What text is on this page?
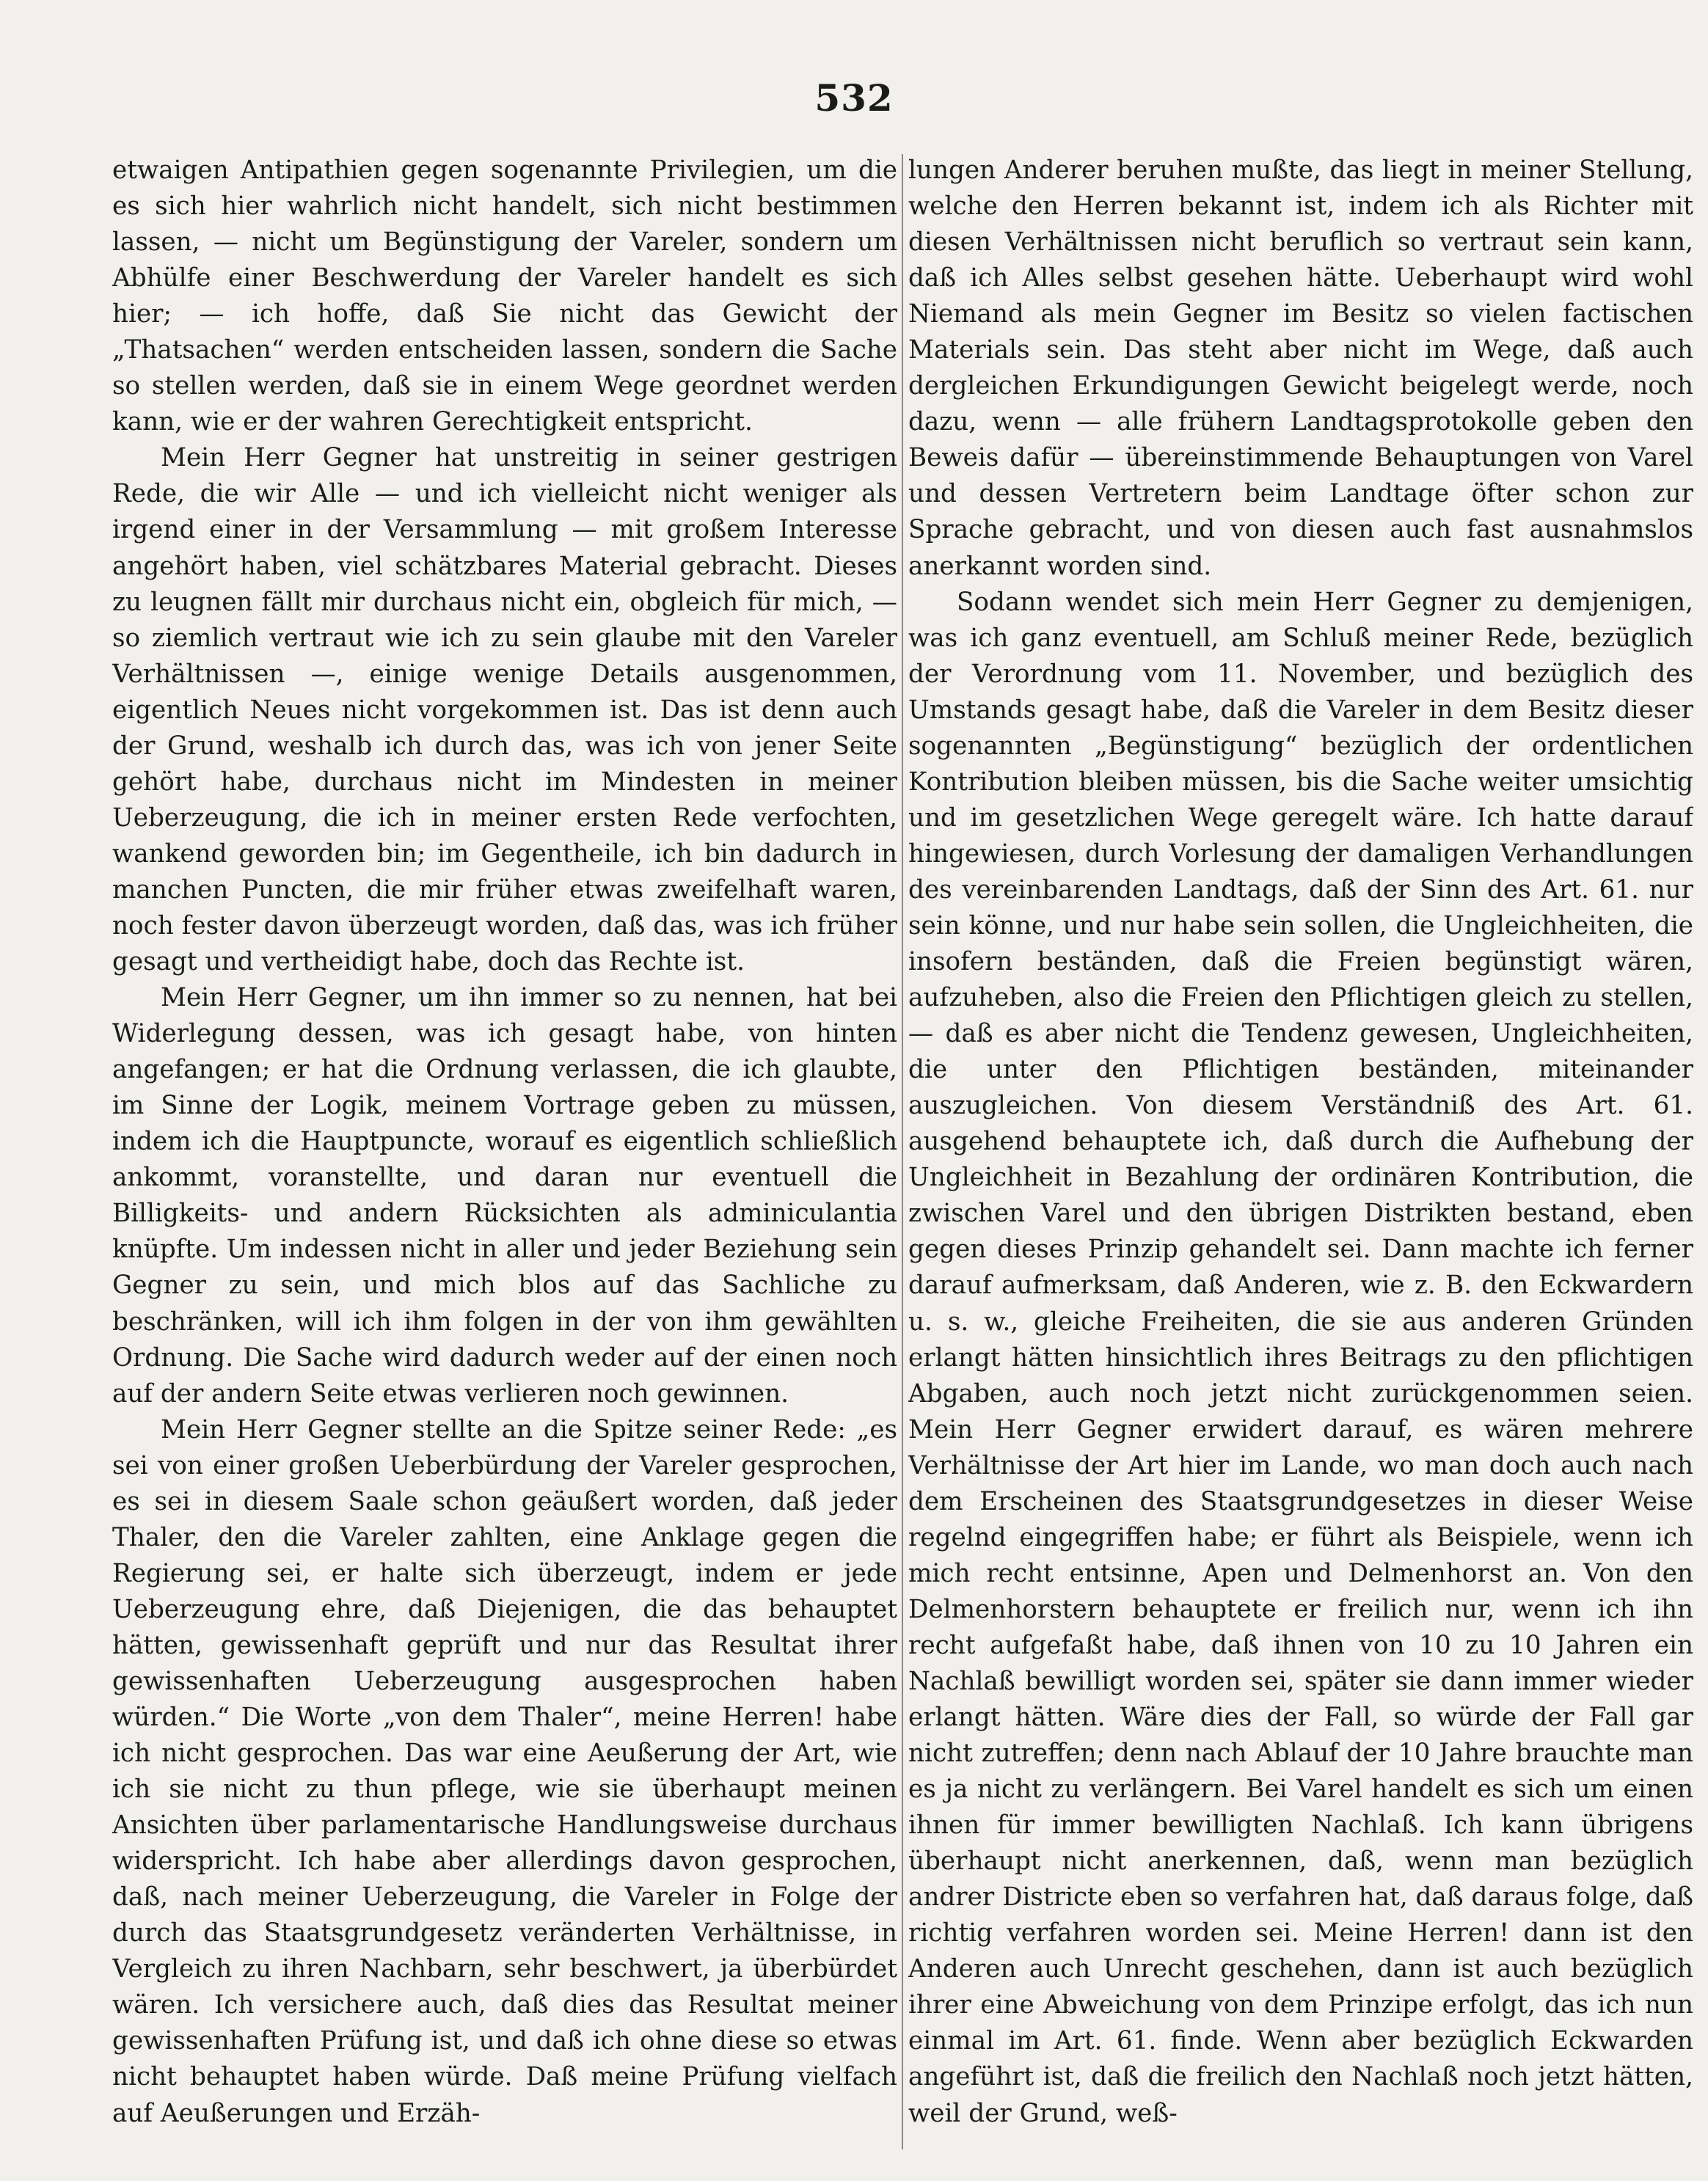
532

etwaigen Antipathien gegen sogenannte Privilegien, um die es sich hier wahrlich nicht handelt, sich nicht bestimmen lassen, — nicht um Begünstigung der Vareler, sondern um Abhülfe einer Beschwerdung der Vareler handelt es sich hier; — ich hoffe, daß Sie nicht das Gewicht der „Thatsachen“ werden entscheiden lassen, sondern die Sache so stellen werden, daß sie in einem Wege geordnet werden kann, wie er der wahren Gerechtigkeit entspricht.

Mein Herr Gegner hat unstreitig in seiner gestrigen Rede, die wir Alle — und ich vielleicht nicht weniger als irgend einer in der Versammlung — mit großem Interesse angehört haben, viel schätzbares Material gebracht. Dieses zu leugnen fällt mir durchaus nicht ein, obgleich für mich, — so ziemlich vertraut wie ich zu sein glaube mit den Vareler Verhältnissen —, einige wenige Details ausgenommen, eigentlich Neues nicht vorgekommen ist. Das ist denn auch der Grund, weshalb ich durch das, was ich von jener Seite gehört habe, durchaus nicht im Mindesten in meiner Ueberzeugung, die ich in meiner ersten Rede verfochten, wankend geworden bin; im Gegentheile, ich bin dadurch in manchen Puncten, die mir früher etwas zweifelhaft waren, noch fester davon überzeugt worden, daß das, was ich früher gesagt und vertheidigt habe, doch das Rechte ist.

Mein Herr Gegner, um ihn immer so zu nennen, hat bei Widerlegung dessen, was ich gesagt habe, von hinten angefangen; er hat die Ordnung verlassen, die ich glaubte, im Sinne der Logik, meinem Vortrage geben zu müssen, indem ich die Hauptpuncte, worauf es eigentlich schließlich ankommt, voranstellte, und daran nur eventuell die Billigkeits- und andern Rücksichten als adminiculantia knüpfte. Um indessen nicht in aller und jeder Beziehung sein Gegner zu sein, und mich blos auf das Sachliche zu beschränken, will ich ihm folgen in der von ihm gewählten Ordnung. Die Sache wird dadurch weder auf der einen noch auf der andern Seite etwas verlieren noch gewinnen.

Mein Herr Gegner stellte an die Spitze seiner Rede: „es sei von einer großen Ueberbürdung der Vareler gesprochen, es sei in diesem Saale schon geäußert worden, daß jeder Thaler, den die Vareler zahlten, eine Anklage gegen die Regierung sei, er halte sich überzeugt, indem er jede Ueberzeugung ehre, daß Diejenigen, die das behauptet hätten, gewissenhaft geprüft und nur das Resultat ihrer gewissenhaften Ueberzeugung ausgesprochen haben würden.“ Die Worte „von dem Thaler“, meine Herren! habe ich nicht gesprochen. Das war eine Aeußerung der Art, wie ich sie nicht zu thun pflege, wie sie überhaupt meinen Ansichten über parlamentarische Handlungsweise durchaus widerspricht. Ich habe aber allerdings davon gesprochen, daß, nach meiner Ueberzeugung, die Vareler in Folge der durch das Staatsgrundgesetz veränderten Verhältnisse, in Vergleich zu ihren Nachbarn, sehr beschwert, ja überbürdet wären. Ich versichere auch, daß dies das Resultat meiner gewissenhaften Prüfung ist, und daß ich ohne diese so etwas nicht behauptet haben würde. Daß meine Prüfung vielfach auf Aeußerungen und Erzäh-

lungen Anderer beruhen mußte, das liegt in meiner Stellung, welche den Herren bekannt ist, indem ich als Richter mit diesen Verhältnissen nicht beruflich so vertraut sein kann, daß ich Alles selbst gesehen hätte. Ueberhaupt wird wohl Niemand als mein Gegner im Besitz so vielen factischen Materials sein. Das steht aber nicht im Wege, daß auch dergleichen Erkundigungen Gewicht beigelegt werde, noch dazu, wenn — alle frühern Landtagsprotokolle geben den Beweis dafür — übereinstimmende Behauptungen von Varel und dessen Vertretern beim Landtage öfter schon zur Sprache gebracht, und von diesen auch fast ausnahmslos anerkannt worden sind.

Sodann wendet sich mein Herr Gegner zu demjenigen, was ich ganz eventuell, am Schluß meiner Rede, bezüglich der Verordnung vom 11. November, und bezüglich des Umstands gesagt habe, daß die Vareler in dem Besitz dieser sogenannten „Begünstigung“ bezüglich der ordentlichen Kontribution bleiben müssen, bis die Sache weiter umsichtig und im gesetzlichen Wege geregelt wäre. Ich hatte darauf hingewiesen, durch Vorlesung der damaligen Verhandlungen des vereinbarenden Landtags, daß der Sinn des Art. 61. nur sein könne, und nur habe sein sollen, die Ungleichheiten, die insofern beständen, daß die Freien begünstigt wären, aufzuheben, also die Freien den Pflichtigen gleich zu stellen, — daß es aber nicht die Tendenz gewesen, Ungleichheiten, die unter den Pflichtigen beständen, miteinander auszugleichen. Von diesem Verständniß des Art. 61. ausgehend behauptete ich, daß durch die Aufhebung der Ungleichheit in Bezahlung der ordinären Kontribution, die zwischen Varel und den übrigen Distrikten bestand, eben gegen dieses Prinzip gehandelt sei. Dann machte ich ferner darauf aufmerksam, daß Anderen, wie z. B. den Eckwardern u. s. w., gleiche Freiheiten, die sie aus anderen Gründen erlangt hätten hinsichtlich ihres Beitrags zu den pflichtigen Abgaben, auch noch jetzt nicht zurückgenommen seien. Mein Herr Gegner erwidert darauf, es wären mehrere Verhältnisse der Art hier im Lande, wo man doch auch nach dem Erscheinen des Staatsgrundgesetzes in dieser Weise regelnd eingegriffen habe; er führt als Beispiele, wenn ich mich recht entsinne, Apen und Delmenhorst an. Von den Delmenhorstern behauptete er freilich nur, wenn ich ihn recht aufgefaßt habe, daß ihnen von 10 zu 10 Jahren ein Nachlaß bewilligt worden sei, später sie dann immer wieder erlangt hätten. Wäre dies der Fall, so würde der Fall gar nicht zutreffen; denn nach Ablauf der 10 Jahre brauchte man es ja nicht zu verlängern. Bei Varel handelt es sich um einen ihnen für immer bewilligten Nachlaß. Ich kann übrigens überhaupt nicht anerkennen, daß, wenn man bezüglich andrer Districte eben so verfahren hat, daß daraus folge, daß richtig verfahren worden sei. Meine Herren! dann ist den Anderen auch Unrecht geschehen, dann ist auch bezüglich ihrer eine Abweichung von dem Prinzipe erfolgt, das ich nun einmal im Art. 61. finde. Wenn aber bezüglich Eckwarden angeführt ist, daß die freilich den Nachlaß noch jetzt hätten, weil der Grund, weß-
